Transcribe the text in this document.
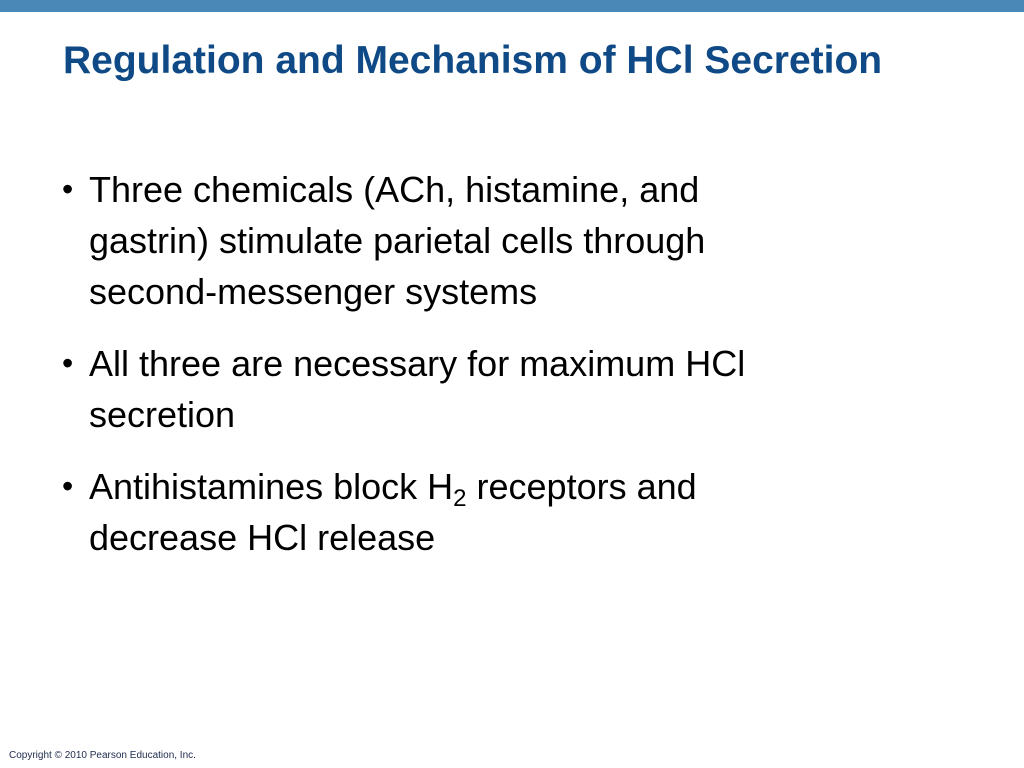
Regulation and Mechanism of HCl Secretion
• Three chemicals (ACh, histamine, and
gastrin) stimulate parietal cells through
second-messenger systems
• All three are necessary for maximum HCl
secretion
• Antihistamines block $H_2$ receptors and
decrease HCl release
Copyright © 2010 Pearson Education, Inc.
